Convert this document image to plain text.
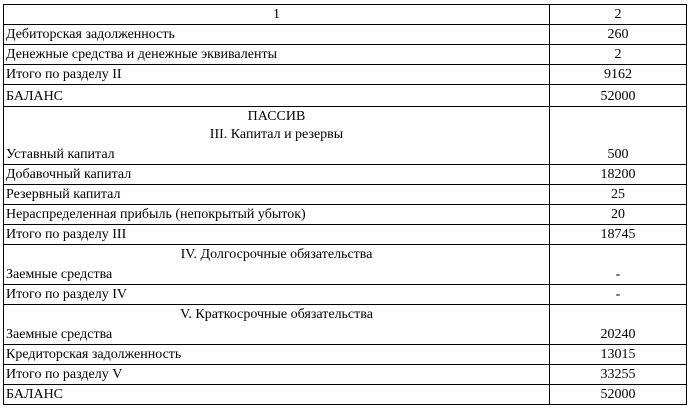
1	2
Дебиторская задолженность	260
Денежные средства и денежные эквиваленты	2
Итого по разделу II	9162
БАЛАНС	52000

ПАССИВ
III. Капитал и резервы
Уставный капитал	500
Добавочный капитал	18200
Резервный капитал	25
Нераспределенная прибыль (непокрытый убыток)	20
Итого по разделу III	18745

IV. Долгосрочные обязательства
Заемные средства	-
Итого по разделу IV	-

V. Краткосрочные обязательства
Заемные средства	20240
Кредиторская задолженность	13015
Итого по разделу V	33255
БАЛАНС	52000
